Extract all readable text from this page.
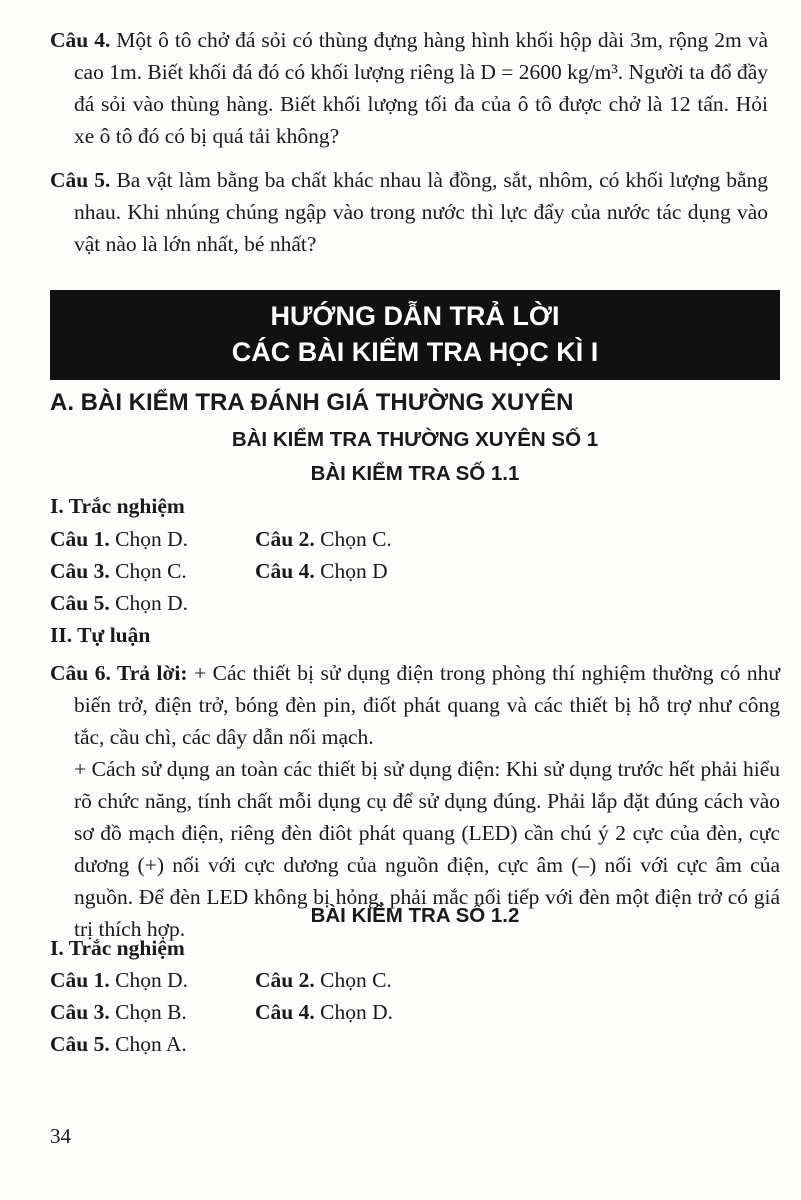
Câu 4. Một ô tô chở đá sỏi có thùng đựng hàng hình khối hộp dài 3m, rộng 2m và cao 1m. Biết khối đá đó có khối lượng riêng là D = 2600 kg/m³. Người ta đổ đầy đá sỏi vào thùng hàng. Biết khối lượng tối đa của ô tô được chở là 12 tấn. Hỏi xe ô tô đó có bị quá tải không?

Câu 5. Ba vật làm bằng ba chất khác nhau là đồng, sắt, nhôm, có khối lượng bằng nhau. Khi nhúng chúng ngập vào trong nước thì lực đẩy của nước tác dụng vào vật nào là lớn nhất, bé nhất?

HƯỚNG DẪN TRẢ LỜI
CÁC BÀI KIỂM TRA HỌC KÌ I
A. BÀI KIỂM TRA ĐÁNH GIÁ THƯỜNG XUYÊN
BÀI KIỂM TRA THƯỜNG XUYÊN SỐ 1
BÀI KIỂM TRA SỐ 1.1
I. Trắc nghiệm
Câu 1. Chọn D.	Câu 2. Chọn C.
Câu 3. Chọn C.	Câu 4. Chọn D
Câu 5. Chọn D.
II. Tự luận

Câu 6. Trả lời: + Các thiết bị sử dụng điện trong phòng thí nghiệm thường có như biến trở, điện trở, bóng đèn pin, điốt phát quang và các thiết bị hỗ trợ như công tắc, cầu chì, các dây dẫn nối mạch.

+ Cách sử dụng an toàn các thiết bị sử dụng điện: Khi sử dụng trước hết phải hiểu rõ chức năng, tính chất mỗi dụng cụ để sử dụng đúng. Phải lắp đặt đúng cách vào sơ đồ mạch điện, riêng đèn điôt phát quang (LED) cần chú ý 2 cực của đèn, cực dương (+) nối với cực dương của nguồn điện, cực âm (–) nối với cực âm của nguồn. Để đèn LED không bị hỏng, phải mắc nối tiếp với đèn một điện trở có giá trị thích hợp.

BÀI KIỂM TRA SỐ 1.2
I. Trắc nghiệm
Câu 1. Chọn D.	Câu 2. Chọn C.
Câu 3. Chọn B.	Câu 4. Chọn D.
Câu 5. Chọn A.
34
